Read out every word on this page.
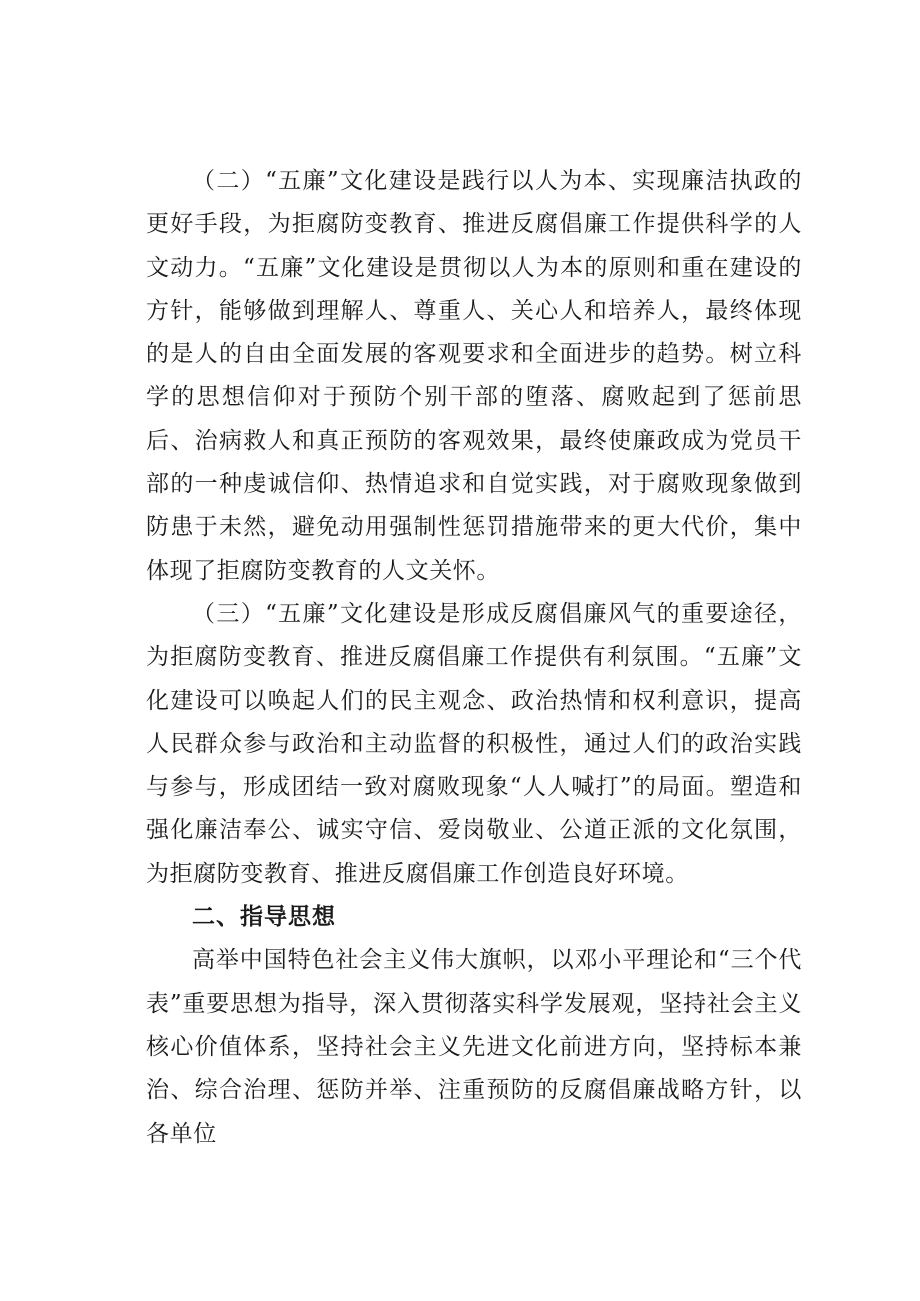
（二）“五廉”文化建设是践行以人为本、实现廉洁执政的更好手段，为拒腐防变教育、推进反腐倡廉工作提供科学的人文动力。“五廉”文化建设是贯彻以人为本的原则和重在建设的方针，能够做到理解人、尊重人、关心人和培养人，最终体现的是人的自由全面发展的客观要求和全面进步的趋势。树立科学的思想信仰对于预防个别干部的堕落、腐败起到了惩前思后、治病救人和真正预防的客观效果，最终使廉政成为党员干部的一种虔诚信仰、热情追求和自觉实践，对于腐败现象做到防患于未然，避免动用强制性惩罚措施带来的更大代价，集中体现了拒腐防变教育的人文关怀。

（三）“五廉”文化建设是形成反腐倡廉风气的重要途径，为拒腐防变教育、推进反腐倡廉工作提供有利氛围。“五廉”文化建设可以唤起人们的民主观念、政治热情和权利意识，提高人民群众参与政治和主动监督的积极性，通过人们的政治实践与参与，形成团结一致对腐败现象“人人喊打”的局面。塑造和强化廉洁奉公、诚实守信、爱岗敬业、公道正派的文化氛围，为拒腐防变教育、推进反腐倡廉工作创造良好环境。

二、指导思想

高举中国特色社会主义伟大旗帜，以邓小平理论和“三个代表”重要思想为指导，深入贯彻落实科学发展观，坚持社会主义核心价值体系，坚持社会主义先进文化前进方向，坚持标本兼治、综合治理、惩防并举、注重预防的反腐倡廉战略方针，以各单位
